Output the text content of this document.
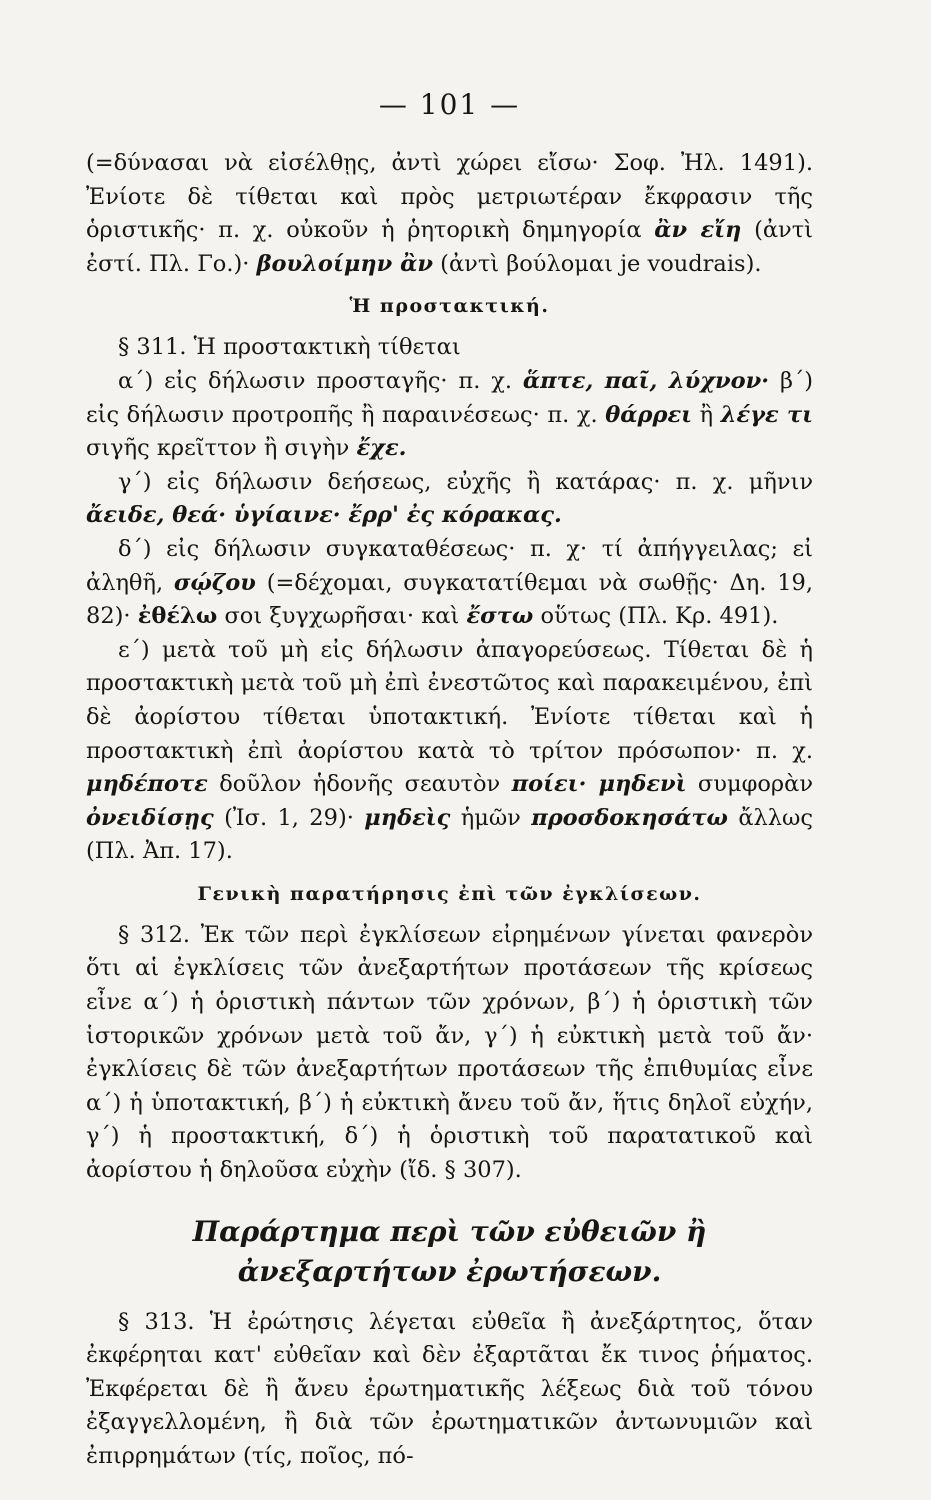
— 101 —

(=δύνασαι νὰ εἰσέλθῃς, ἀντὶ χώρει εἴσω· Σοφ. Ἠλ. 1491). Ἐνίοτε δὲ τίθεται καὶ πρὸς μετριωτέραν ἔκφρασιν τῆς ὁριστικῆς· π. χ. οὐκοῦν ἡ ῥητορικὴ δημηγορία ἂν εἴη (ἀντὶ ἐστί. Πλ. Γο.)· βουλοίμην ἂν (ἀντὶ βούλομαι je voudrais).

Ἡ προστακτική.

§ 311. Ἡ προστακτικὴ τίθεται

α΄) εἰς δήλωσιν προσταγῆς· π. χ. ἅπτε, παῖ, λύχνον· β΄) εἰς δήλωσιν προτροπῆς ἢ παραινέσεως· π. χ. θάρρει ἢ λέγε τι σιγῆς κρεῖττον ἢ σιγὴν ἔχε.

γ΄) εἰς δήλωσιν δεήσεως, εὐχῆς ἢ κατάρας· π. χ. μῆνιν ἄειδε, θεά· ὑγίαινε· ἔρρ' ἐς κόρακας.

δ΄) εἰς δήλωσιν συγκαταθέσεως· π. χ· τί ἀπήγγειλας; εἰ ἀληθῆ, σῴζου (=δέχομαι, συγκατατίθεμαι νὰ σωθῇς· Δη. 19, 82)· ἐθέλω σοι ξυγχωρῆσαι· καὶ ἔστω οὕτως (Πλ. Κρ. 491).

ε΄) μετὰ τοῦ μὴ εἰς δήλωσιν ἀπαγορεύσεως. Τίθεται δὲ ἡ προστακτικὴ μετὰ τοῦ μὴ ἐπὶ ἐνεστῶτος καὶ παρακειμένου, ἐπὶ δὲ ἀορίστου τίθεται ὑποτακτική. Ἐνίοτε τίθεται καὶ ἡ προστακτικὴ ἐπὶ ἀορίστου κατὰ τὸ τρίτον πρόσωπον· π. χ. μηδέποτε δοῦλον ἡδονῆς σεαυτὸν ποίει· μηδενὶ συμφορὰν ὀνειδίσῃς (Ἰσ. 1, 29)· μηδεὶς ἡμῶν προσδοκησάτω ἄλλως (Πλ. Ἀπ. 17).

Γενικὴ παρατήρησις ἐπὶ τῶν ἐγκλίσεων.

§ 312. Ἐκ τῶν περὶ ἐγκλίσεων εἰρημένων γίνεται φανερὸν ὅτι αἱ ἐγκλίσεις τῶν ἀνεξαρτήτων προτάσεων τῆς κρίσεως εἶνε α΄) ἡ ὁριστικὴ πάντων τῶν χρόνων, β΄) ἡ ὁριστικὴ τῶν ἱστορικῶν χρόνων μετὰ τοῦ ἄν, γ΄) ἡ εὐκτικὴ μετὰ τοῦ ἄν· ἐγκλίσεις δὲ τῶν ἀνεξαρτήτων προτάσεων τῆς ἐπιθυμίας εἶνε α΄) ἡ ὑποτακτική, β΄) ἡ εὐκτικὴ ἄνευ τοῦ ἄν, ἥτις δηλοῖ εὐχήν, γ΄) ἡ προστακτική, δ΄) ἡ ὁριστικὴ τοῦ παρατατικοῦ καὶ ἀορίστου ἡ δηλοῦσα εὐχὴν (ἴδ. § 307).

Παράρτημα περὶ τῶν εὐθειῶν ἢ ἀνεξαρτήτων ἐρωτήσεων.

§ 313. Ἡ ἐρώτησις λέγεται εὐθεῖα ἢ ἀνεξάρτητος, ὅταν ἐκφέρηται κατ' εὐθεῖαν καὶ δὲν ἐξαρτᾶται ἔκ τινος ῥήματος. Ἐκφέρεται δὲ ἢ ἄνευ ἐρωτηματικῆς λέξεως διὰ τοῦ τόνου ἐξαγγελλομένη, ἢ διὰ τῶν ἐρωτηματικῶν ἀντωνυμιῶν καὶ ἐπιρρημάτων (τίς, ποῖος, πό-
